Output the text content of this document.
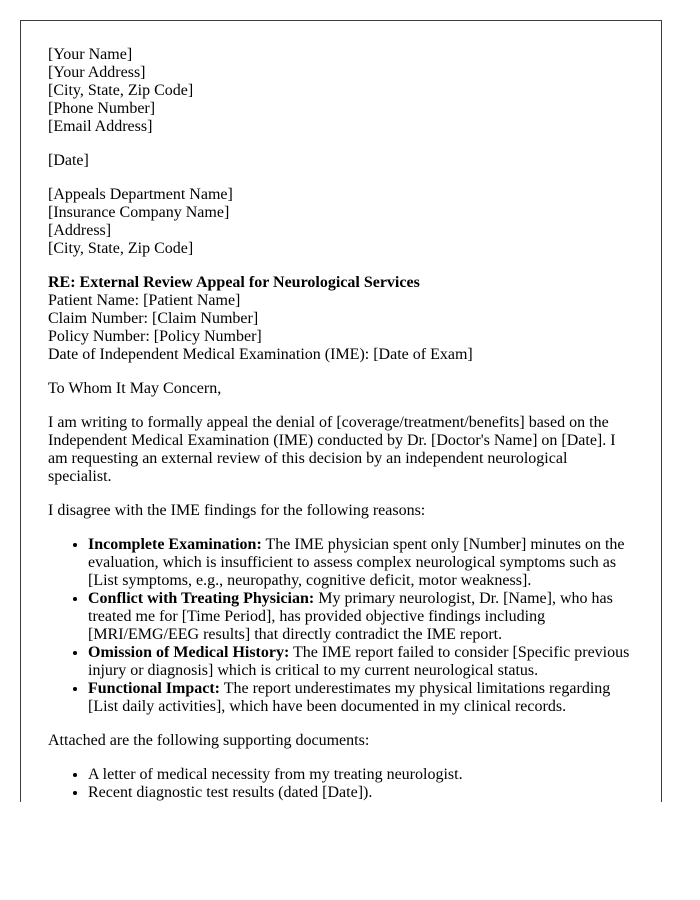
[Your Name]
[Your Address]
[City, State, Zip Code]
[Phone Number]
[Email Address]

[Date]

[Appeals Department Name]
[Insurance Company Name]
[Address]
[City, State, Zip Code]

RE: External Review Appeal for Neurological Services
Patient Name: [Patient Name]
Claim Number: [Claim Number]
Policy Number: [Policy Number]
Date of Independent Medical Examination (IME): [Date of Exam]

To Whom It May Concern,

I am writing to formally appeal the denial of [coverage/treatment/benefits] based on the Independent Medical Examination (IME) conducted by Dr. [Doctor's Name] on [Date]. I am requesting an external review of this decision by an independent neurological specialist.

I disagree with the IME findings for the following reasons:

• Incomplete Examination: The IME physician spent only [Number] minutes on the evaluation, which is insufficient to assess complex neurological symptoms such as [List symptoms, e.g., neuropathy, cognitive deficit, motor weakness].
• Conflict with Treating Physician: My primary neurologist, Dr. [Name], who has treated me for [Time Period], has provided objective findings including [MRI/EMG/EEG results] that directly contradict the IME report.
• Omission of Medical History: The IME report failed to consider [Specific previous injury or diagnosis] which is critical to my current neurological status.
• Functional Impact: The report underestimates my physical limitations regarding [List daily activities], which have been documented in my clinical records.

Attached are the following supporting documents:

• A letter of medical necessity from my treating neurologist.
• Recent diagnostic test results (dated [Date]).
